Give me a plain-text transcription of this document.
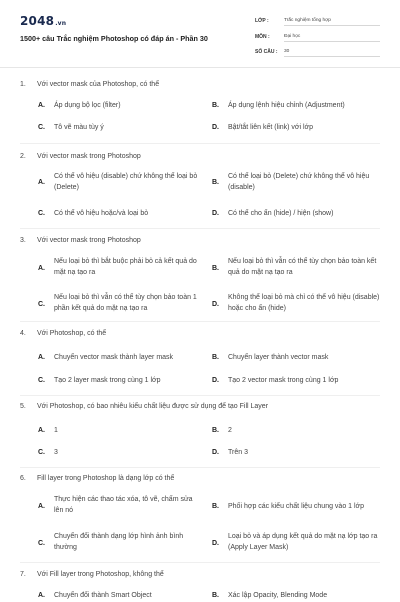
2048.vn
1500+ câu Trắc nghiệm Photoshop có đáp án - Phần 30
LỚP :	Trắc nghiệm tổng hợp
MÔN :	Đại học
SỐ CÂU : 30
1. Với vector mask của Photoshop, có thể
A. Áp dụng bộ lọc (filter)	B. Áp dụng lệnh hiệu chỉnh (Adjustment)
C. Tô vẽ màu tùy ý	D. Bật/tắt liên kết (link) với lớp
2. Với vector mask trong Photoshop
A.
Có thể vô hiệu (disable) chứ không thể loại bỏ (Delete)
B.
Có thể loại bỏ (Delete) chứ không thể vô hiệu (disable)
C. Có thể vô hiệu hoặc/và loại bỏ	D. Có thể cho ẩn (hide) / hiện (show)
3. Với vector mask trong Photoshop
A.
Nếu loại bỏ thì bắt buộc phải bỏ cả kết quả do mặt nạ tạo ra	B.
Nếu loại bỏ thì vẫn có thể tùy chọn bảo toàn kết quả do mặt nạ tạo ra
C.
Nếu loại bỏ thì vẫn có thể tùy chọn bảo toàn 1 phần kết quả do mặt nạ tạo ra	D.
Không thể loại bỏ mà chỉ có thể vô hiệu (disable) hoặc cho ẩn (hide)
4. Với Photoshop, có thể
A. Chuyển vector mask thành layer mask	B. Chuyển layer thành vector mask
C. Tạo 2 layer mask trong cùng 1 lớp	D. Tạo 2 vector mask trong cùng 1 lớp
5. Với Photoshop, có bao nhiêu kiểu chất liệu được sử dụng để tạo Fill Layer
A. 1	B. 2
C. 3	D. Trên 3
6. Fill layer trong Photoshop là dạng lớp có thể
A.
Thực hiện các thao tác xóa, tô vẽ, chấm sửa lên nó	B. Phối hợp các kiểu chất liệu chung vào 1 lớp
C.
Chuyển đổi thành dạng lớp hình ảnh bình thường	D.
Loại bỏ và áp dụng kết quả do mặt nạ lớp tạo ra (Apply Layer Mask)
7. Với Fill layer trong Photoshop, không thể
A. Chuyển đổi thành Smart Object	B. Xác lập Opacity, Blending Mode
